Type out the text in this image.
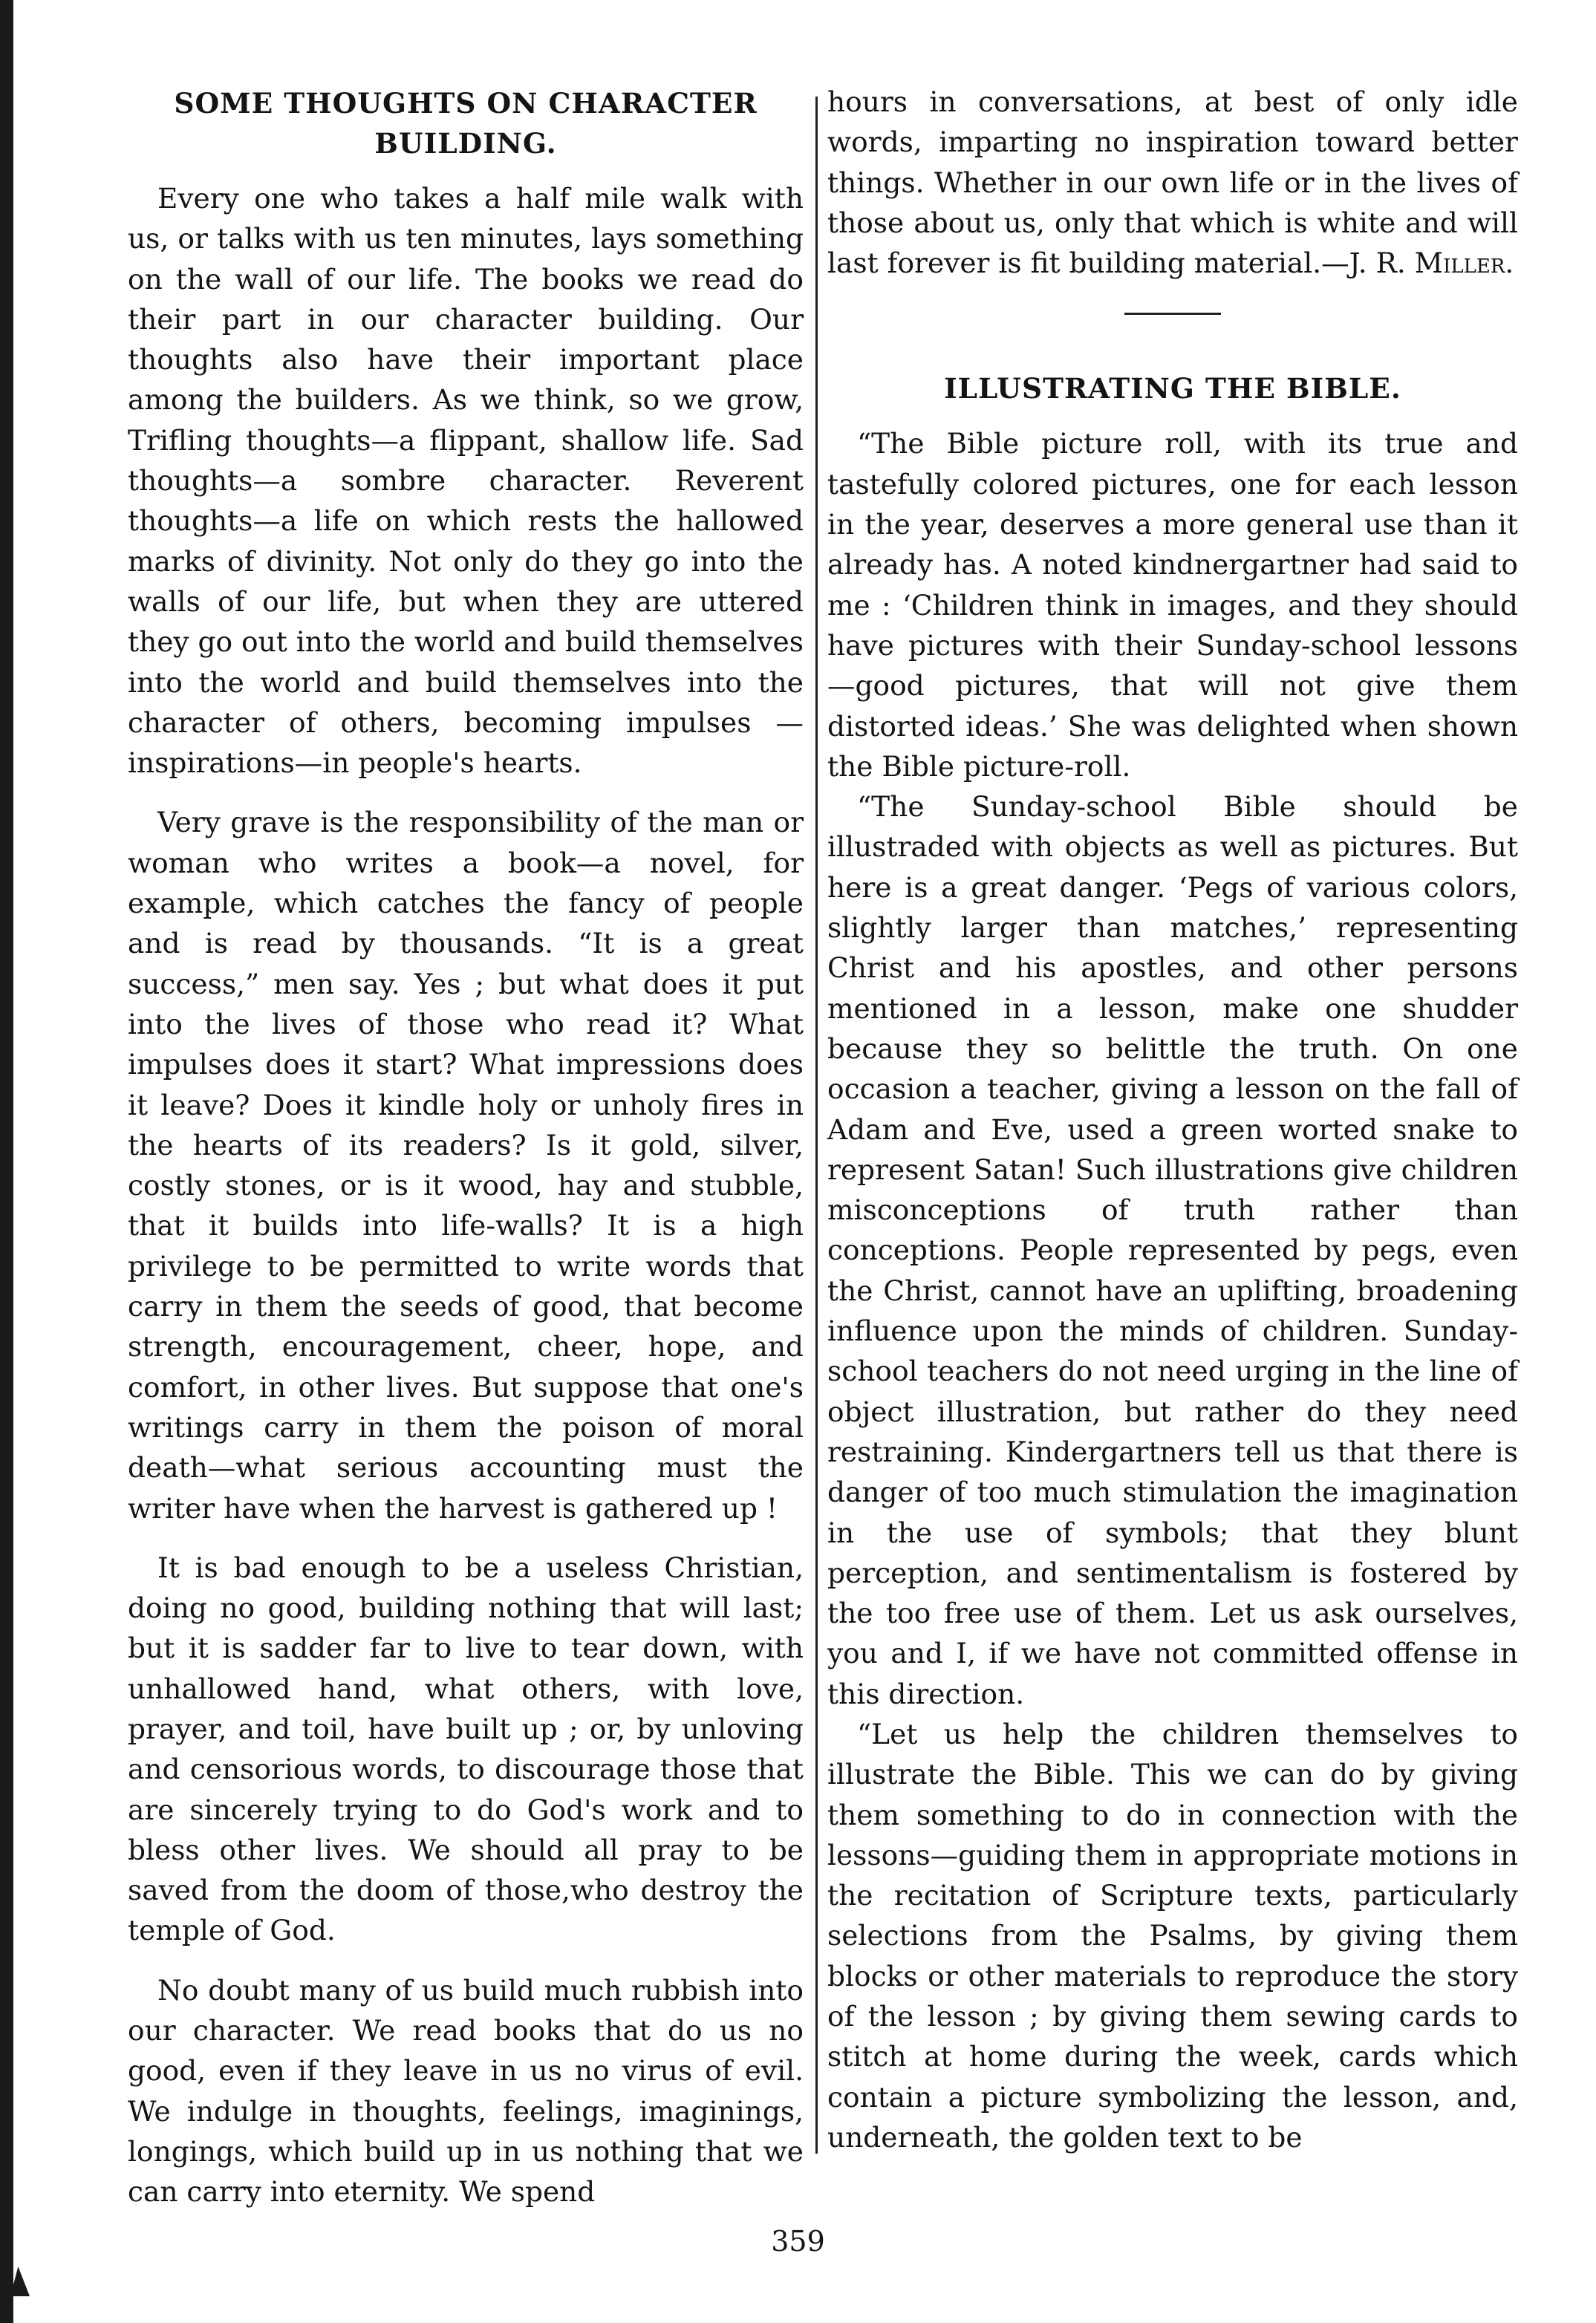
SOME THOUGHTS ON CHARACTER
BUILDING.

Every one who takes a half mile walk with us, or talks with us ten minutes, lays something on the wall of our life. The books we read do their part in our character building. Our thoughts also have their important place among the builders. As we think, so we grow, Trifling thoughts—a flippant, shallow life. Sad thoughts—a sombre character. Reverent thoughts—a life on which rests the hallowed marks of divinity. Not only do they go into the walls of our life, but when they are uttered they go out into the world and build themselves into the world and build themselves into the character of others, becoming impulses —inspirations—in people's hearts.

Very grave is the responsibility of the man or woman who writes a book—a novel, for example, which catches the fancy of people and is read by thousands. “It is a great success,” men say. Yes ; but what does it put into the lives of those who read it? What impulses does it start? What impressions does it leave? Does it kindle holy or unholy fires in the hearts of its readers? Is it gold, silver, costly stones, or is it wood, hay and stubble, that it builds into life-walls? It is a high privilege to be permitted to write words that carry in them the seeds of good, that become strength, encouragement, cheer, hope, and comfort, in other lives. But suppose that one's writings carry in them the poison of moral death—what serious accounting must the writer have when the harvest is gathered up !

It is bad enough to be a useless Christian, doing no good, building nothing that will last; but it is sadder far to live to tear down, with unhallowed hand, what others, with love, prayer, and toil, have built up ; or, by unloving and censorious words, to discourage those that are sincerely trying to do God's work and to bless other lives. We should all pray to be saved from the doom of those,who destroy the temple of God.

No doubt many of us build much rubbish into our character. We read books that do us no good, even if they leave in us no virus of evil. We indulge in thoughts, feelings, imaginings, longings, which build up in us nothing that we can carry into eternity. We spend

hours in conversations, at best of only idle words, imparting no inspiration toward better things. Whether in our own life or in the lives of those about us, only that which is white and will last forever is fit building material.—J. R. Miller.

ILLUSTRATING THE BIBLE.

“The Bible picture roll, with its true and tastefully colored pictures, one for each lesson in the year, deserves a more general use than it already has. A noted kindnergartner had said to me : ‘Children think in images, and they should have pictures with their Sunday-school lessons—good pictures, that will not give them distorted ideas.’ She was delighted when shown the Bible picture-roll.

“The Sunday-school Bible should be illustraded with objects as well as pictures. But here is a great danger. ‘Pegs of various colors, slightly larger than matches,’ representing Christ and his apostles, and other persons mentioned in a lesson, make one shudder because they so belittle the truth. On one occasion a teacher, giving a lesson on the fall of Adam and Eve, used a green worted snake to represent Satan! Such illustrations give children misconceptions of truth rather than conceptions. People represented by pegs, even the Christ, cannot have an uplifting, broadening influence upon the minds of children. Sunday-school teachers do not need urging in the line of object illustration, but rather do they need restraining. Kindergartners tell us that there is danger of too much stimulation the imagination in the use of symbols; that they blunt perception, and sentimentalism is fostered by the too free use of them. Let us ask ourselves, you and I, if we have not committed offense in this direction.

“Let us help the children themselves to illustrate the Bible. This we can do by giving them something to do in connection with the lessons—guiding them in appropriate motions in the recitation of Scripture texts, particularly selections from the Psalms, by giving them blocks or other materials to reproduce the story of the lesson ; by giving them sewing cards to stitch at home during the week, cards which contain a picture symbolizing the lesson, and, underneath, the golden text to be

359
